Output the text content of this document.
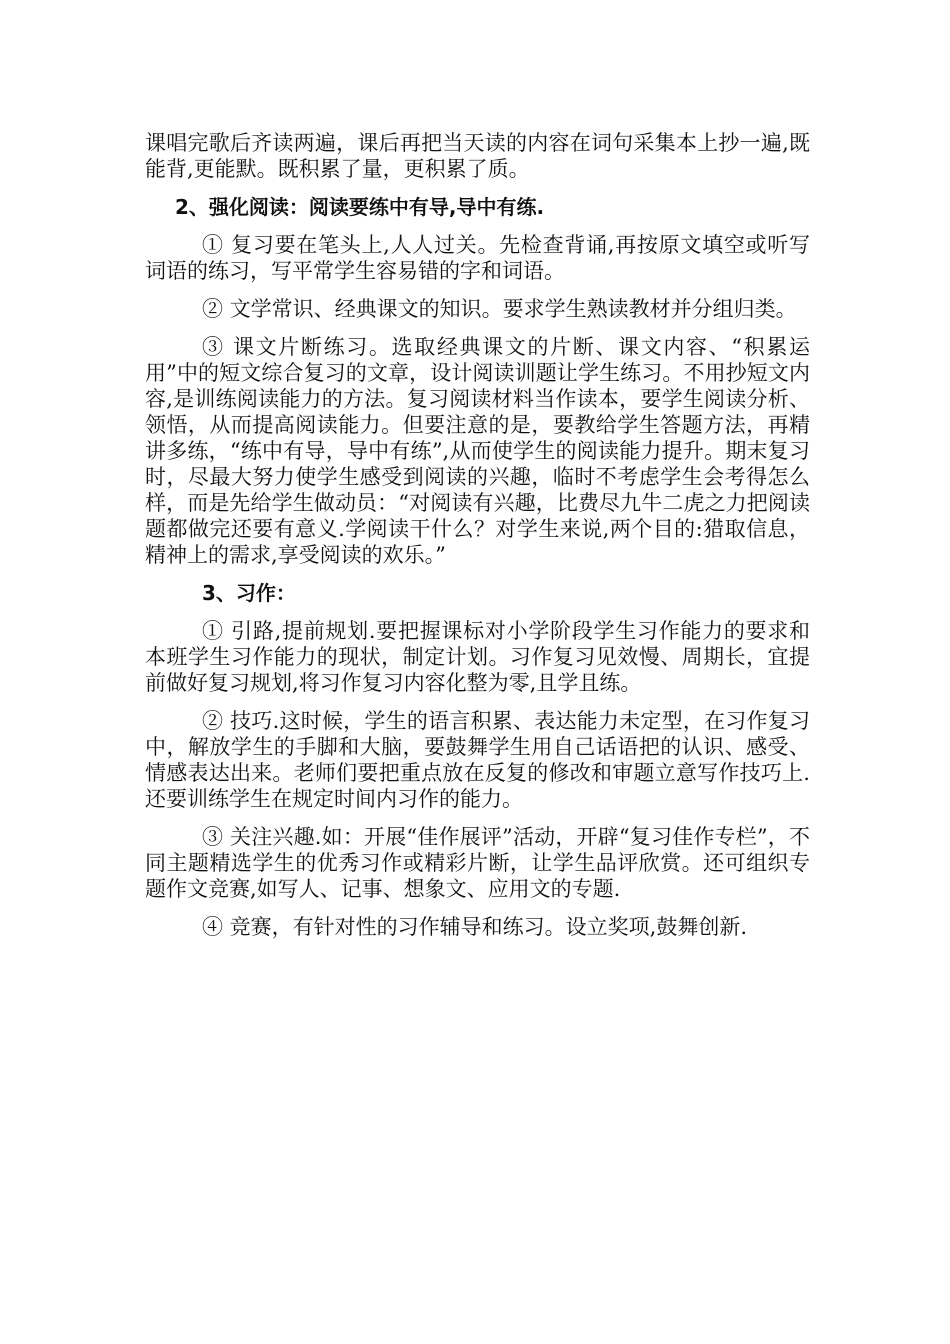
课唱完歌后齐读两遍，课后再把当天读的内容在词句采集本上抄一遍,既能背,更能默。既积累了量，更积累了质。

2、强化阅读：阅读要练中有导,导中有练.

① 复习要在笔头上,人人过关。先检查背诵,再按原文填空或听写词语的练习，写平常学生容易错的字和词语。

② 文学常识、经典课文的知识。要求学生熟读教材并分组归类。

③ 课文片断练习。选取经典课文的片断、课文内容、“积累运用”中的短文综合复习的文章，设计阅读训题让学生练习。不用抄短文内容,是训练阅读能力的方法。复习阅读材料当作读本，要学生阅读分析、领悟，从而提高阅读能力。但要注意的是，要教给学生答题方法，再精讲多练，“练中有导，导中有练”,从而使学生的阅读能力提升。期末复习时，尽最大努力使学生感受到阅读的兴趣，临时不考虑学生会考得怎么样，而是先给学生做动员：“对阅读有兴趣，比费尽九牛二虎之力把阅读题都做完还要有意义.学阅读干什么？对学生来说,两个目的:猎取信息，精神上的需求,享受阅读的欢乐。”

3、习作：

① 引路,提前规划.要把握课标对小学阶段学生习作能力的要求和本班学生习作能力的现状，制定计划。习作复习见效慢、周期长，宜提前做好复习规划,将习作复习内容化整为零,且学且练。

② 技巧.这时候，学生的语言积累、表达能力未定型，在习作复习中，解放学生的手脚和大脑，要鼓舞学生用自己话语把的认识、感受、情感表达出来。老师们要把重点放在反复的修改和审题立意写作技巧上.还要训练学生在规定时间内习作的能力。

③ 关注兴趣.如：开展“佳作展评”活动，开辟“复习佳作专栏”，不同主题精选学生的优秀习作或精彩片断，让学生品评欣赏。还可组织专题作文竞赛,如写人、记事、想象文、应用文的专题.

④ 竞赛，有针对性的习作辅导和练习。设立奖项,鼓舞创新.
